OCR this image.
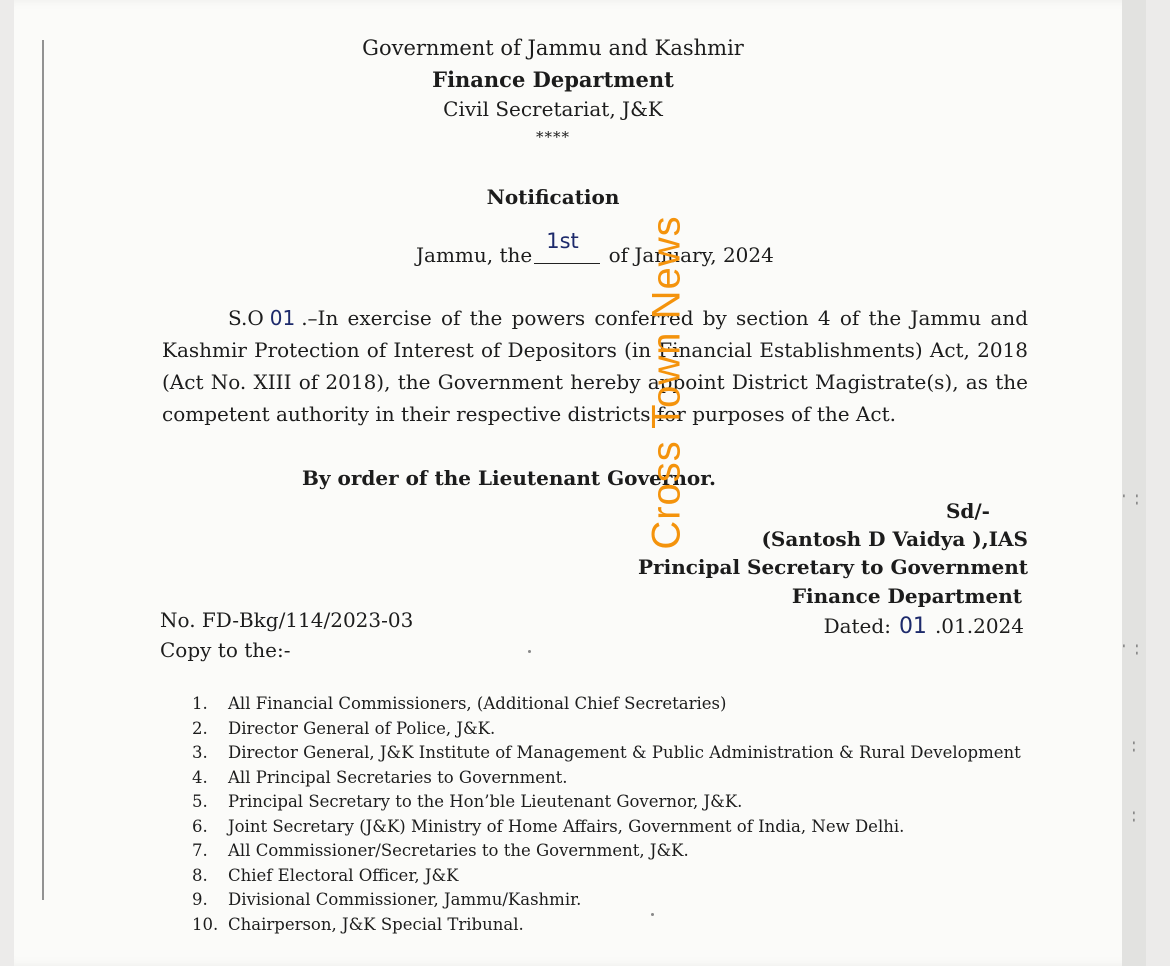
- - -
- - -
- -
- -
Government of Jammu and Kashmir
Finance Department
Civil Secretariat, J&K
****
Notification
Jammu, the
1st
of January, 2024
S.O 01 .–In exercise of the powers conferred by section 4 of the Jammu and Kashmir Protection of Interest of Depositors (in Financial Establishments) Act, 2018 (Act No. XIII of 2018), the Government hereby appoint District Magistrate(s), as the competent authority in their respective districts for purposes of the Act.
By order of the Lieutenant Governor.
Sd/-
(Santosh D Vaidya ),IAS
Principal Secretary to Government
Finance Department
Dated: 01 .01.2024
No. FD-Bkg/114/2023-03
Copy to the:-
1.	All Financial Commissioners, (Additional Chief Secretaries)
2.	Director General of Police, J&K.
3.	Director General, J&K Institute of Management & Public Administration & Rural Development
4.	All Principal Secretaries to Government.
5.	Principal Secretary to the Hon’ble Lieutenant Governor, J&K.
6.	Joint Secretary (J&K) Ministry of Home Affairs, Government of India, New Delhi.
7.	All Commissioner/Secretaries to the Government, J&K.
8.	Chief Electoral Officer, J&K
9.	Divisional Commissioner, Jammu/Kashmir.
10. Chairperson, J&K Special Tribunal.
Cross Town News
